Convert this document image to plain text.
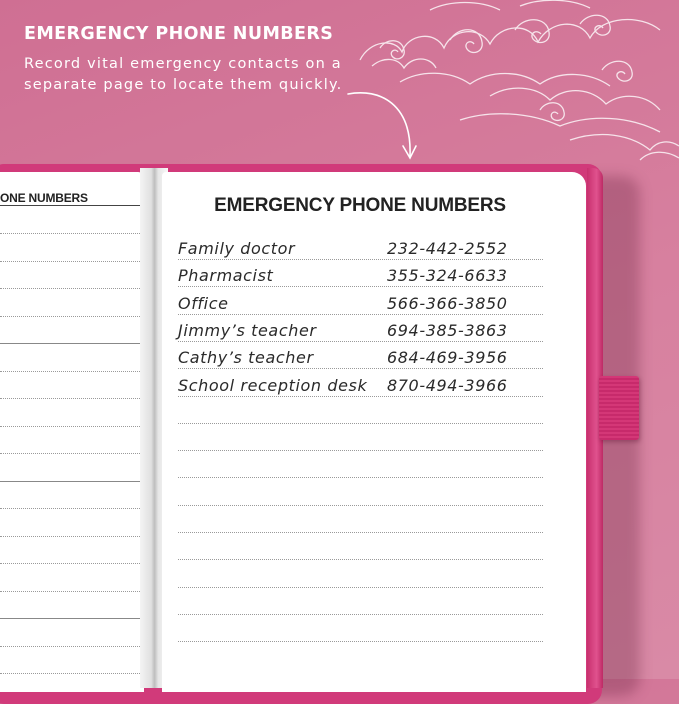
EMERGENCY PHONE NUMBERS

Record vital emergency contacts on a separate page to locate them quickly.

ONE NUMBERS	EMERGENCY PHONE NUMBERS
Family doctor	232-442-2552
Pharmacist	355-324-6633
Office	566-366-3850
Jimmy’s teacher	694-385-3863
Cathy’s teacher	684-469-3956
School reception desk 870-494-3966
